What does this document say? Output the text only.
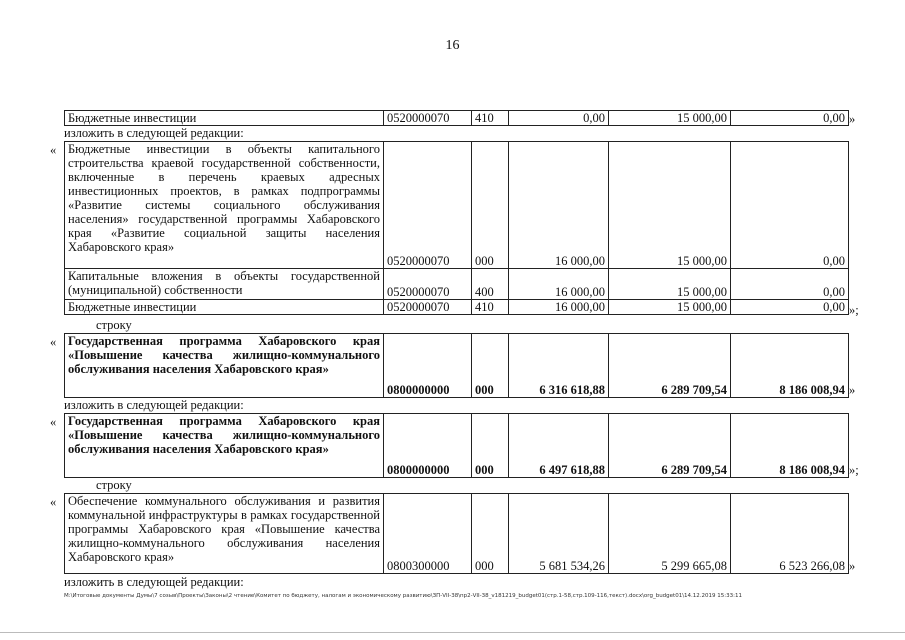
16
Бюджетные инвестиции	0520000070	410	0,00	15 000,00	0,00 »
изложить в следующей редакции:
« Бюджетные инвестиции в объекты капитального строительства краевой государственной собственности, включенные в перечень краевых адресных инвестиционных проектов, в рамках подпрограммы «Развитие системы социального обслуживания населения» государственной программы Хабаровского края «Развитие социальной защиты населения Хабаровского края»	0520000070	000	16 000,00	15 000,00	0,00
Капитальные вложения в объекты государственной (муниципальной) собственности	0520000070	400	16 000,00	15 000,00	0,00
Бюджетные инвестиции	0520000070	410	16 000,00	15 000,00	0,00 »;
строку
« Государственная программа Хабаровского края «Повышение качества жилищно-коммунального обслуживания населения Хабаровского края»	0800000000	000	6 316 618,88	6 289 709,54	8 186 008,94 »
изложить в следующей редакции:
« Государственная программа Хабаровского края «Повышение качества жилищно-коммунального обслуживания населения Хабаровского края»	0800000000	000	6 497 618,88	6 289 709,54	8 186 008,94 »;
строку
« Обеспечение коммунального обслуживания и развития коммунальной инфраструктуры в рамках государственной программы Хабаровского края «Повышение качества жилищно-коммунального обслуживания населения Хабаровского края»	0800300000	000	5 681 534,26	5 299 665,08	6 523 266,08 »
изложить в следующей редакции:
M:\Итоговые документы Думы\7 созыв\Проекты\Законы\2 чтение\Комитет по бюджету, налогам и экономическому развитию\ЗП-VII-38\пр2-VII-38_v181219_budget01(стр.1-58,стр.109-116,текст).docx\org_budget01\14.12.2019 15:33:11
